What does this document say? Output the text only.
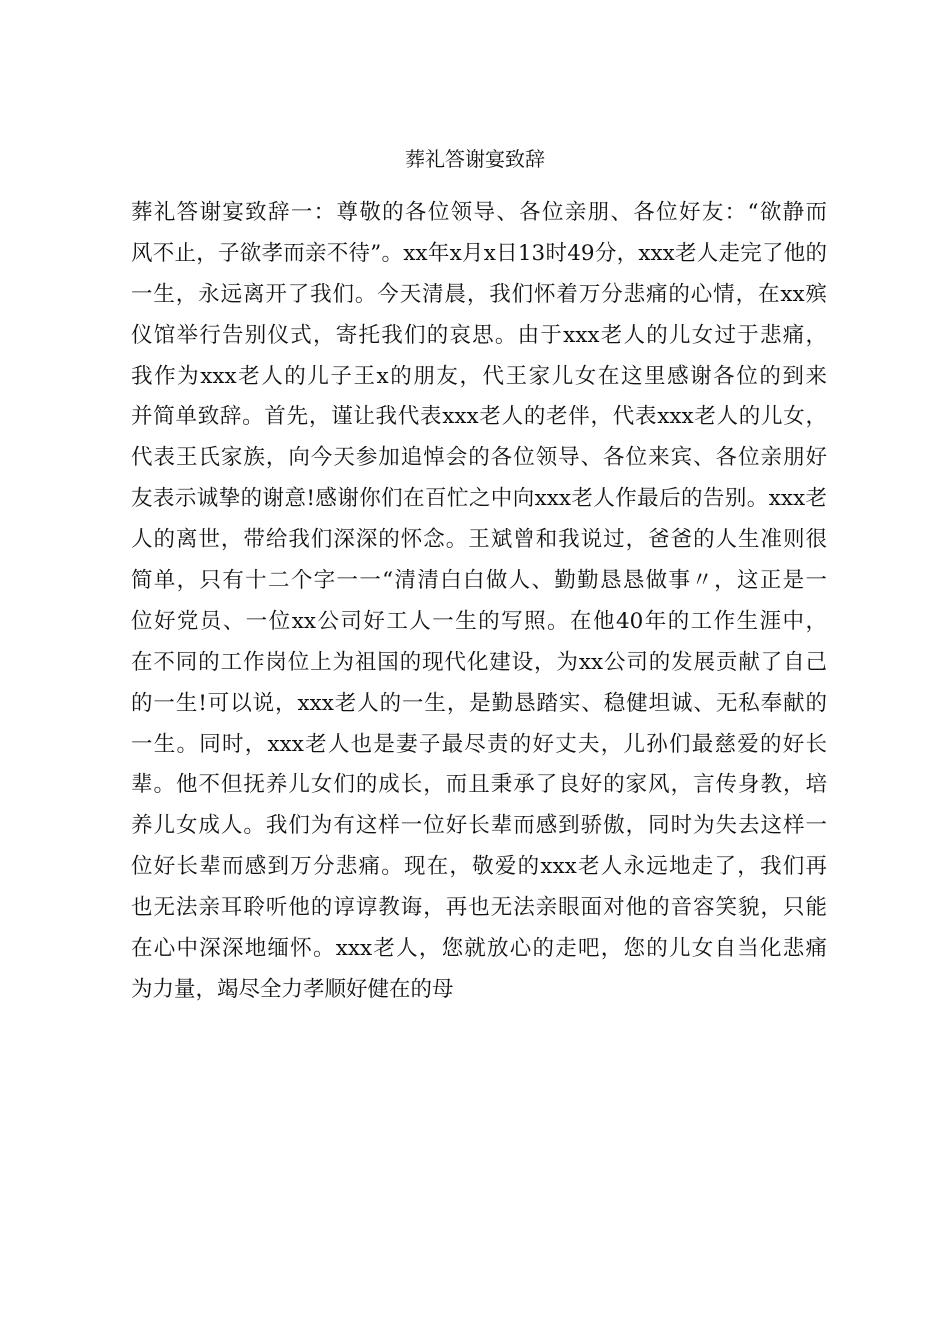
葬礼答谢宴致辞
葬礼答谢宴致辞一：尊敬的各位领导、各位亲朋、各位好友：“欲静而
风不止，子欲孝而亲不待”。xx年x月x日13时49分，xxx老人走完了他的
一生，永远离开了我们。今天清晨，我们怀着万分悲痛的心情，在xx殡
仪馆举行告别仪式，寄托我们的哀思。由于xxx老人的儿女过于悲痛，
我作为xxx老人的儿子王x的朋友，代王家儿女在这里感谢各位的到来
并简单致辞。首先，谨让我代表xxx老人的老伴，代表xxx老人的儿女，
代表王氏家族，向今天参加追悼会的各位领导、各位来宾、各位亲朋好
友表示诚挚的谢意!感谢你们在百忙之中向xxx老人作最后的告别。xxx老
人的离世，带给我们深深的怀念。王斌曾和我说过，爸爸的人生准则很
简单，只有十二个字一一“清清白白做人、勤勤恳恳做事〃，这正是一
位好党员、一位xx公司好工人一生的写照。在他40年的工作生涯中，
在不同的工作岗位上为祖国的现代化建设，为xx公司的发展贡献了自己
的一生!可以说，xxx老人的一生，是勤恳踏实、稳健坦诚、无私奉献的
一生。同时，xxx老人也是妻子最尽责的好丈夫，儿孙们最慈爱的好长
辈。他不但抚养儿女们的成长，而且秉承了良好的家风，言传身教，培
养儿女成人。我们为有这样一位好长辈而感到骄傲，同时为失去这样一
位好长辈而感到万分悲痛。现在，敬爱的xxx老人永远地走了，我们再
也无法亲耳聆听他的谆谆教诲，再也无法亲眼面对他的音容笑貌，只能
在心中深深地缅怀。xxx老人，您就放心的走吧，您的儿女自当化悲痛
为力量，竭尽全力孝顺好健在的母
